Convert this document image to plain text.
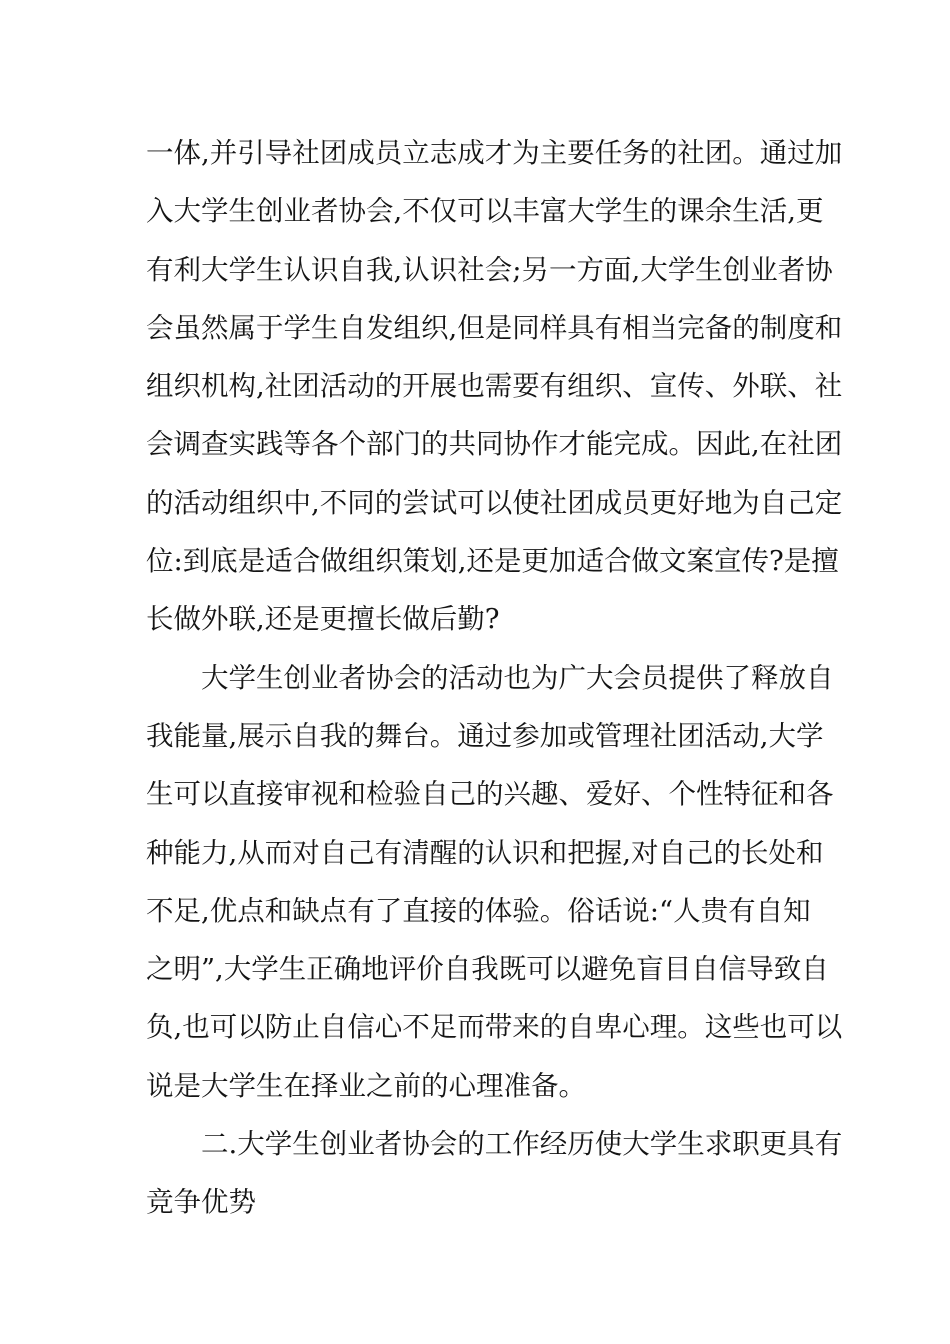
一体,并引导社团成员立志成才为主要任务的社团。通过加
入大学生创业者协会,不仅可以丰富大学生的课余生活,更
有利大学生认识自我,认识社会;另一方面,大学生创业者协
会虽然属于学生自发组织,但是同样具有相当完备的制度和
组织机构,社团活动的开展也需要有组织、宣传、外联、社
会调查实践等各个部门的共同协作才能完成。因此,在社团
的活动组织中,不同的尝试可以使社团成员更好地为自己定
位:到底是适合做组织策划,还是更加适合做文案宣传?是擅
长做外联,还是更擅长做后勤?
大学生创业者协会的活动也为广大会员提供了释放自
我能量,展示自我的舞台。通过参加或管理社团活动,大学
生可以直接审视和检验自己的兴趣、爱好、个性特征和各
种能力,从而对自己有清醒的认识和把握,对自己的长处和
不足,优点和缺点有了直接的体验。俗话说:“人贵有自知
之明”,大学生正确地评价自我既可以避免盲目自信导致自
负,也可以防止自信心不足而带来的自卑心理。这些也可以
说是大学生在择业之前的心理准备。
二.大学生创业者协会的工作经历使大学生求职更具有
竞争优势
